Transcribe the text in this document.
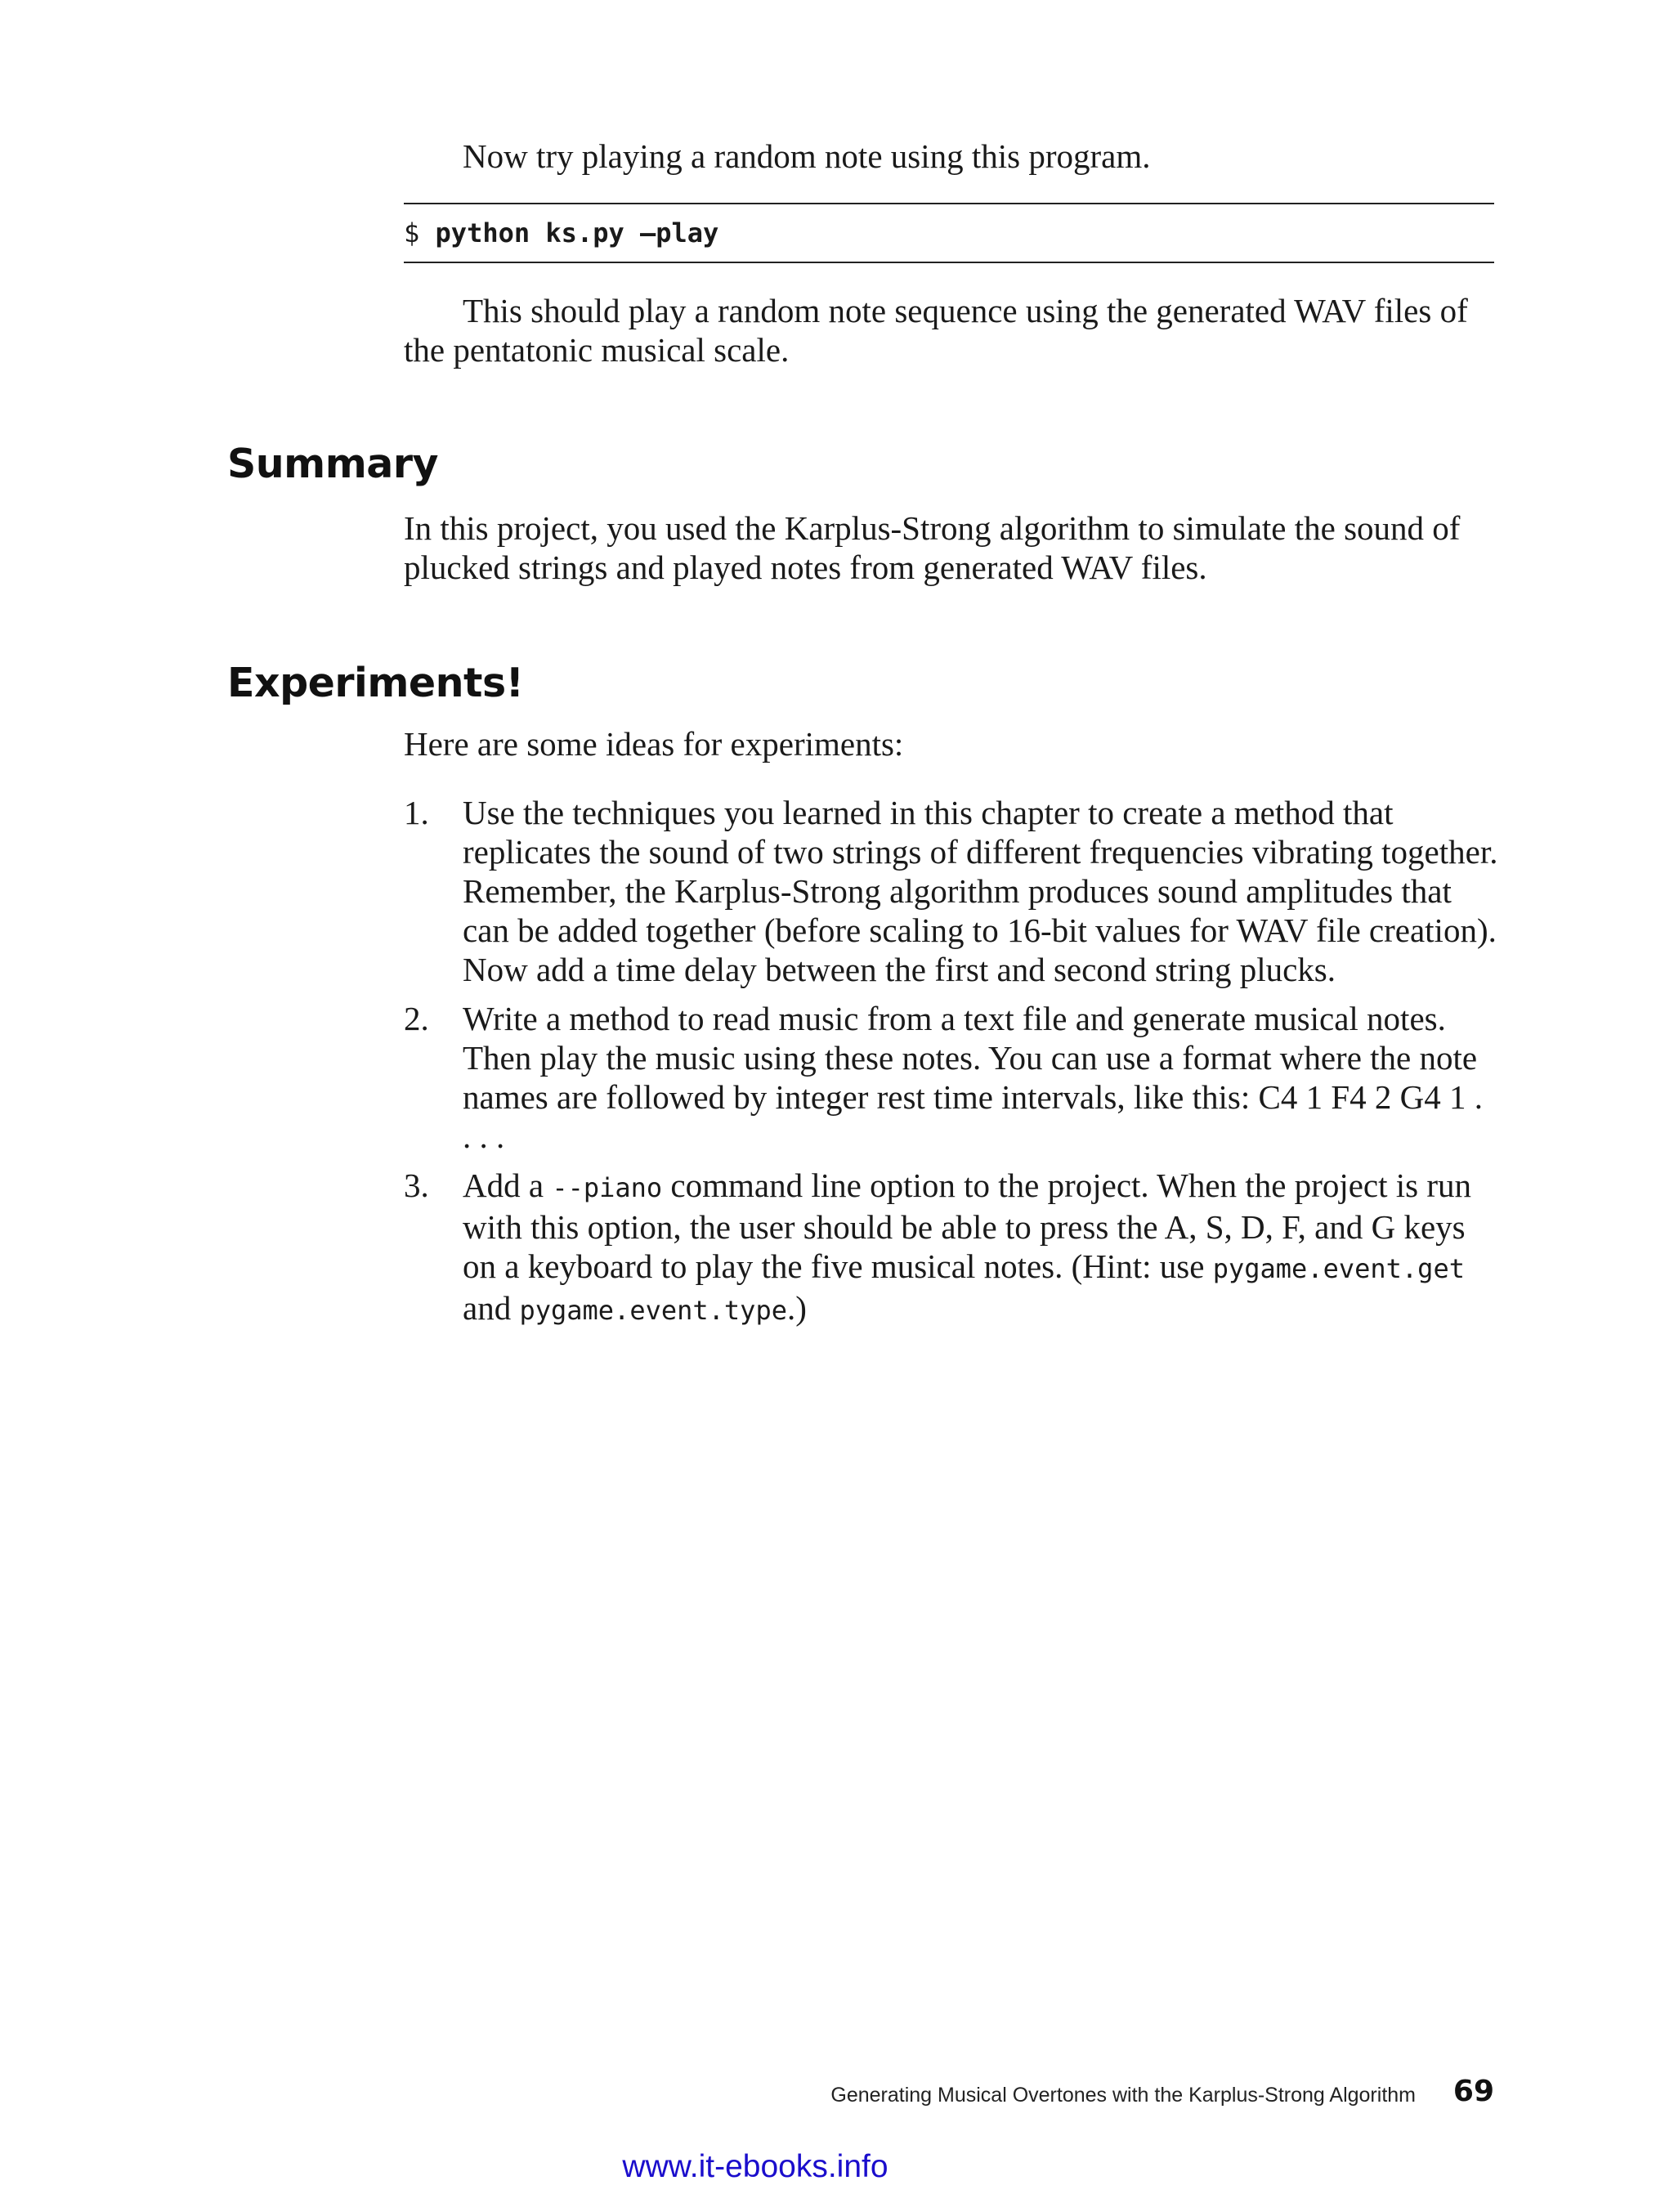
Now try playing a random note using this program.

$ python ks.py –play

This should play a random note sequence using the generated WAV files of the pentatonic musical scale.

Summary

In this project, you used the Karplus-Strong algorithm to simulate the sound of plucked strings and played notes from generated WAV files.

Experiments!

Here are some ideas for experiments:

1. Use the techniques you learned in this chapter to create a method that replicates the sound of two strings of different frequencies vibrating together. Remember, the Karplus-Strong algorithm produces sound amplitudes that can be added together (before scaling to 16-bit values for WAV file creation). Now add a time delay between the first and second string plucks.
2. Write a method to read music from a text file and generate musical notes. Then play the music using these notes. You can use a format where the note names are followed by integer rest time intervals, like this: C4 1 F4 2 G4 1 . . . .
3. Add a --piano command line option to the project. When the project is run with this option, the user should be able to press the A, S, D, F, and G keys on a keyboard to play the five musical notes. (Hint: use pygame.event.get and pygame.event.type.)
Generating Musical Overtones with the Karplus-Strong Algorithm 69
www.it-ebooks.info
